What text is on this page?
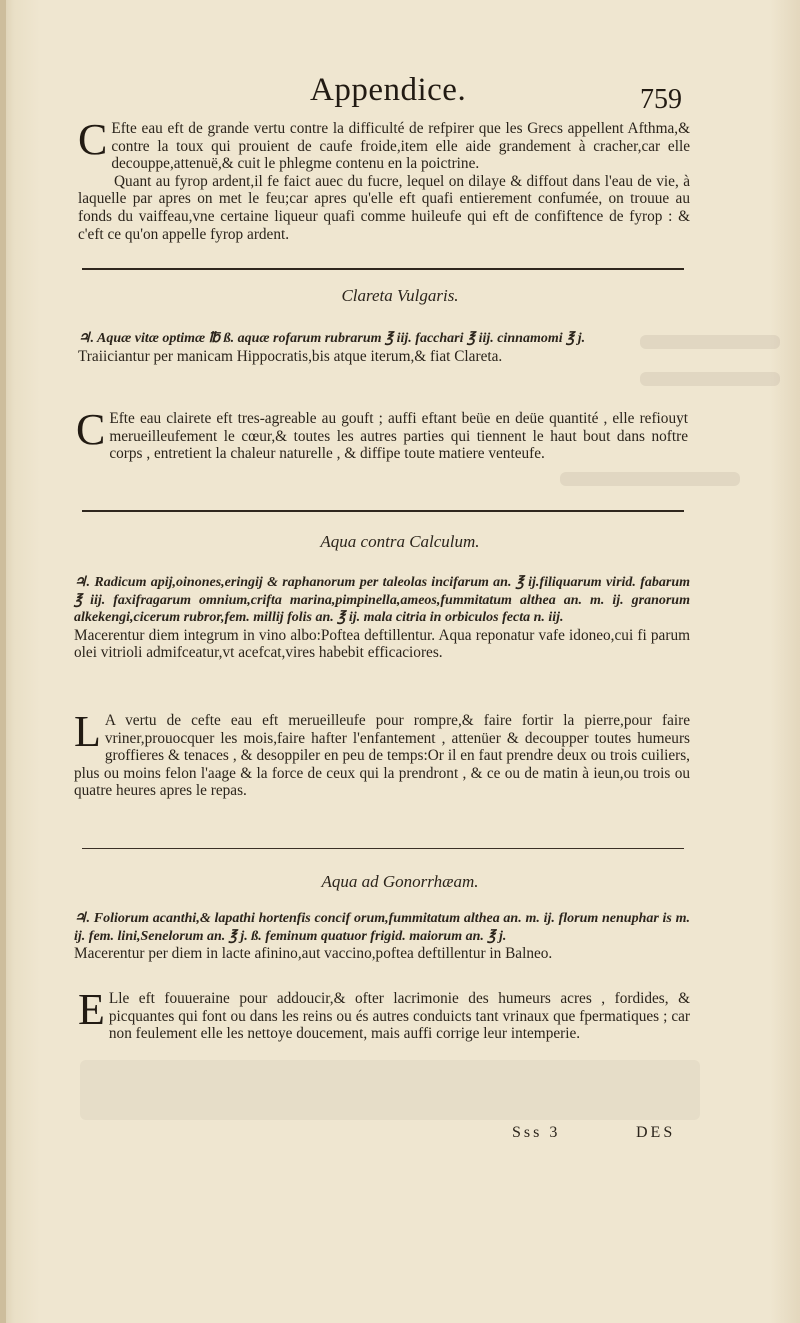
Appendice.	759

C Efte eau eft de grande vertu contre la difficulté de refpirer que les Grecs appellent Afthma,& contre la toux qui prouient de caufe froide,item elle aide grandement à cracher,car elle decouppe,attenuë,& cuit le phlegme contenu en la poictrine.

Quant au fyrop ardent,il fe faict auec du fucre, lequel on dilaye & diffout dans l'eau de vie, à laquelle par apres on met le feu;car apres qu'elle eft quafi entierement confumée, on trouue au fonds du vaiffeau,vne certaine liqueur quafi comme huileufe qui eft de confiftence de fyrop : & c'eft ce qu'on appelle fyrop ardent.

Clareta Vulgaris.

♃. Aquæ vitæ optimæ ℔ ß. aquæ rofarum rubrarum ℥ iij. facchari ℥ iij. cinnamomi ℥ j.

Traiiciantur per manicam Hippocratis,bis atque iterum,& fiat Clareta.

C Efte eau clairete eft tres-agreable au gouft ; auffi eftant beüe en deüe quantité , elle refiouyt merueilleufement le cœur,& toutes les autres parties qui tiennent le haut bout dans noftre corps , entretient la chaleur naturelle , & diffipe toute matiere venteufe.

Aqua contra Calculum.

♃. Radicum apij,oinones,eringij & raphanorum per taleolas incifarum an. ℥ ij.filiquarum virid. fabarum ℥ iij. faxifragarum omnium,crifta marina,pimpinella,ameos,fummitatum althea an. m. ij. granorum alkekengi,cicerum rubror,fem. millij folis an. ℥ ij. mala citria in orbiculos fecta n. iij.

Macerentur diem integrum in vino albo:Poftea deftillentur. Aqua reponatur vafe idoneo,cui fi parum olei vitrioli admifceatur,vt acefcat,vires habebit efficaciores.

L A vertu de cefte eau eft merueilleufe pour rompre,& faire fortir la pierre,pour faire vriner,prouocquer les mois,faire hafter l'enfantement , attenüer & decoupper toutes humeurs groffieres & tenaces , & desoppiler en peu de temps:Or il en faut prendre deux ou trois cuiliers, plus ou moins felon l'aage & la force de ceux qui la prendront , & ce ou de matin à ieun,ou trois ou quatre heures apres le repas.

Aqua ad Gonorrhæam.

♃. Foliorum acanthi,& lapathi hortenfis concif orum,fummitatum althea an. m. ij. florum nenuphar is m. ij. fem. lini,Senelorum an. ℥ j. ß. feminum quatuor frigid. maiorum an. ℥ j.

Macerentur per diem in lacte afinino,aut vaccino,poftea deftillentur in Balneo.

E Lle eft fouueraine pour addoucir,& ofter lacrimonie des humeurs acres , fordides, & picquantes qui font ou dans les reins ou és autres conduicts tant vrinaux que fpermatiques ; car non feulement elle les nettoye doucement, mais auffi corrige leur intemperie.

Sss 3	DES
